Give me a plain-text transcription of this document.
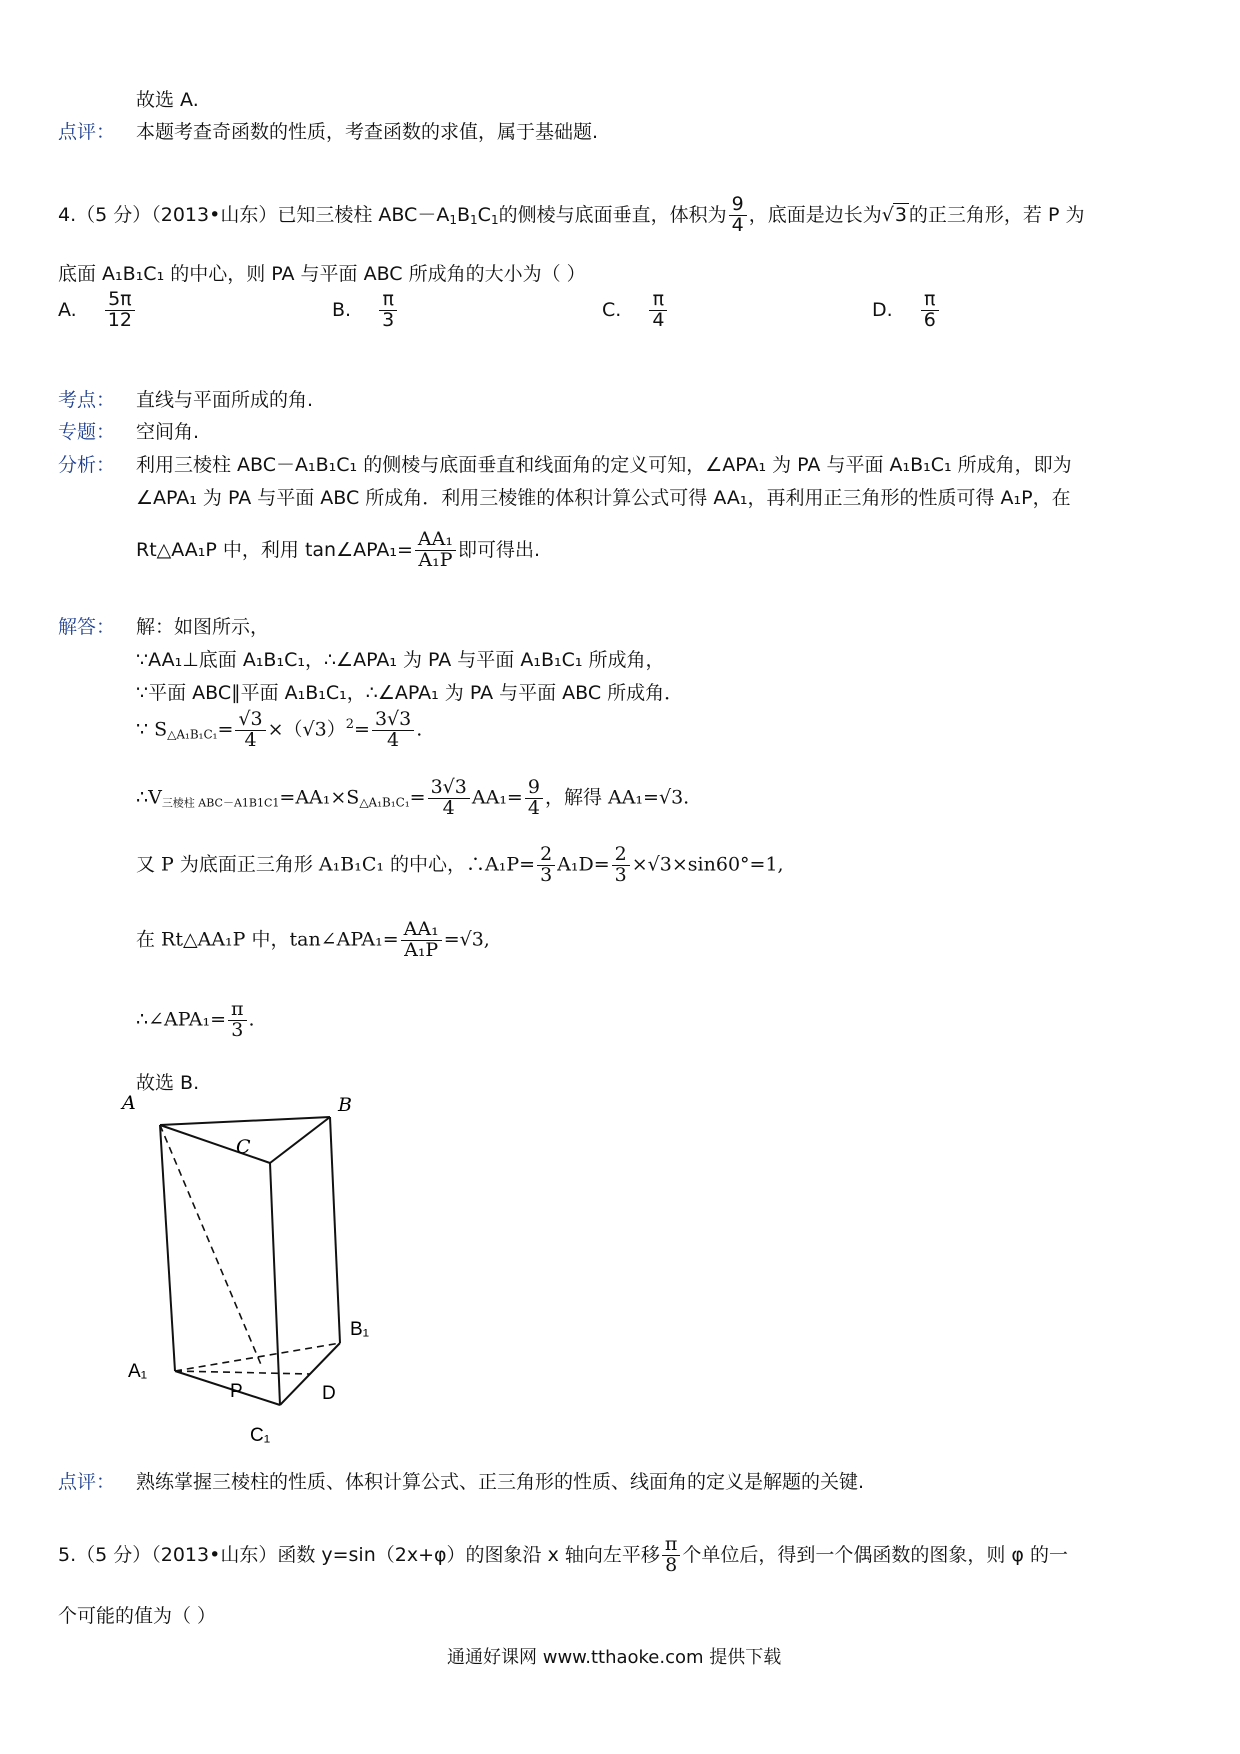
故选 A.
点评： 本题考查奇函数的性质，考查函数的求值，属于基础题.
4.（5 分）（2013•山东）已知三棱柱 $ABC-A_1B_1C_1$的侧棱与底面垂直，体积为 $\frac{9}{4}$ ，底面是边长为√3 的正三角形，若 P 为
底面 A₁B₁C₁ 的中心，则 PA 与平面 ABC 所成角的大小为（ ）
A. $\frac{5\pi}{12}$	B. $\frac{\pi}{3}$	C. $\frac{\pi}{4}$	D. $\frac{\pi}{6}$
考点： 直线与平面所成的角.
专题： 空间角.
分析： 利用三棱柱 ABC－A₁B₁C₁ 的侧棱与底面垂直和线面角的定义可知，∠APA₁ 为 PA 与平面 A₁B₁C₁ 所成角，即为
∠APA₁ 为 PA 与平面 ABC 所成角．利用三棱锥的体积计算公式可得 AA₁，再利用正三角形的性质可得 A₁P，在
Rt△AA₁P 中，利用 tan∠APA₁= $\frac{\text{AA₁}}{\text{A₁P}}$ 即可得出.
解答： 解：如图所示，
∵AA₁⊥底面 A₁B₁C₁，∴∠APA₁ 为 PA 与平面 A₁B₁C₁ 所成角，
∵平面 ABC∥平面 A₁B₁C₁，∴∠APA₁ 为 PA 与平面 ABC 所成角．
∵ $S_{\triangle A_1B_1C_1}= \frac{√3}{4} \times(√3)^2= \frac{3√3}{4}$ .
$\therefore V_{三棱柱 ABC-A1B1C1}=AA_1\times S_{\triangle A_1B_1C_1}= \frac{3√3}{4} AA_1= \frac{9}{4}$ ，解得 AA₁=√3.
又 P 为底面正三角形 A₁B₁C₁ 的中心，∴A₁P= $\frac{2}{3} A_1D= \frac{2}{3} \times√3\times\sin 60^\circ=1$,
在 Rt△AA₁P 中，tan∠APA₁= $\frac{\text{AA₁}}{\text{A₁P}} =√3$,
∴∠APA₁= $\frac{\pi}{3}$ .
故选 B.
A	B
C
A₁
B₁
C₁
P	D
点评： 熟练掌握三棱柱的性质、体积计算公式、正三角形的性质、线面角的定义是解题的关键.
5.（5 分）（2013•山东）函数 y=sin（2x+φ）的图象沿 x 轴向左平移 $\frac{\pi}{8}$ 个单位后，得到一个偶函数的图象，则 φ 的一
个可能的值为（ ）
通通好课网 www.tthaoke.com 提供下载
